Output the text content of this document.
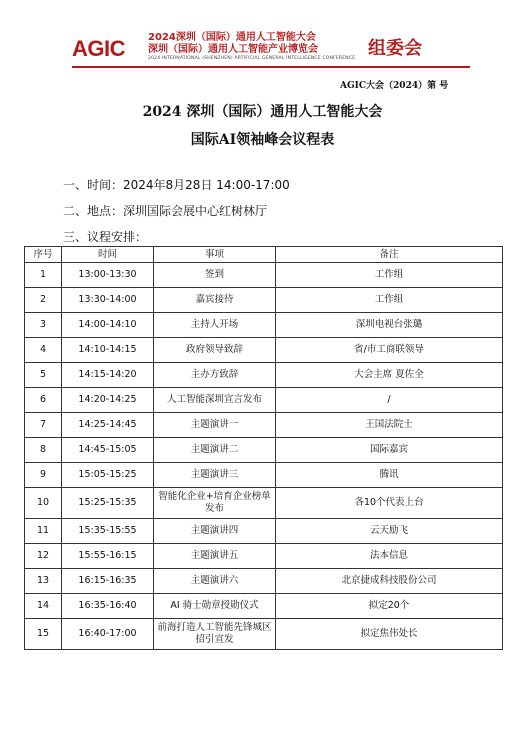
AGIC 2024深圳（国际）通用人工智能大会
深圳（国际）通用人工智能产业博览会
2024 INTERNATIONAL (SHENZHEN) ARTIFICIAL GENERAL INTELLIGENCE CONFERENCE 组委会
AGIC大会（2024）第 号
2024 深圳（国际）通用人工智能大会
国际AI领袖峰会议程表
一、时间：2024年8月28日 14:00-17:00
二、地点：深圳国际会展中心红树林厅
三、议程安排：
序号	时间	事项	备注
1	13:00-13:30	签到	工作组
2	13:30-14:00	嘉宾接待	工作组
3	14:00-14:10	主持人开场	深圳电视台张璐
4	14:10-14:15	政府领导致辞	省/市工商联领导
5	14:15-14:20	主办方致辞	大会主席 夏佐全
6	14:20-14:25	人工智能深圳宣言发布	/
7	14:25-14:45	主题演讲一	王国法院士
8	14:45-15:05	主题演讲二	国际嘉宾
9	15:05-15:25	主题演讲三	腾讯
10	15:25-15:35	智能化企业+培育企业榜单发布	各10个代表上台
11	15:35-15:55	主题演讲四	云天励飞
12	15:55-16:15	主题演讲五	法本信息
13	16:15-16:35	主题演讲六	北京捷成科技股份公司
14	16:35-16:40	AI 骑士勋章授勋仪式	拟定20个
15	16:40-17:00	前海打造人工智能先锋城区招引宣发	拟定焦伟处长
